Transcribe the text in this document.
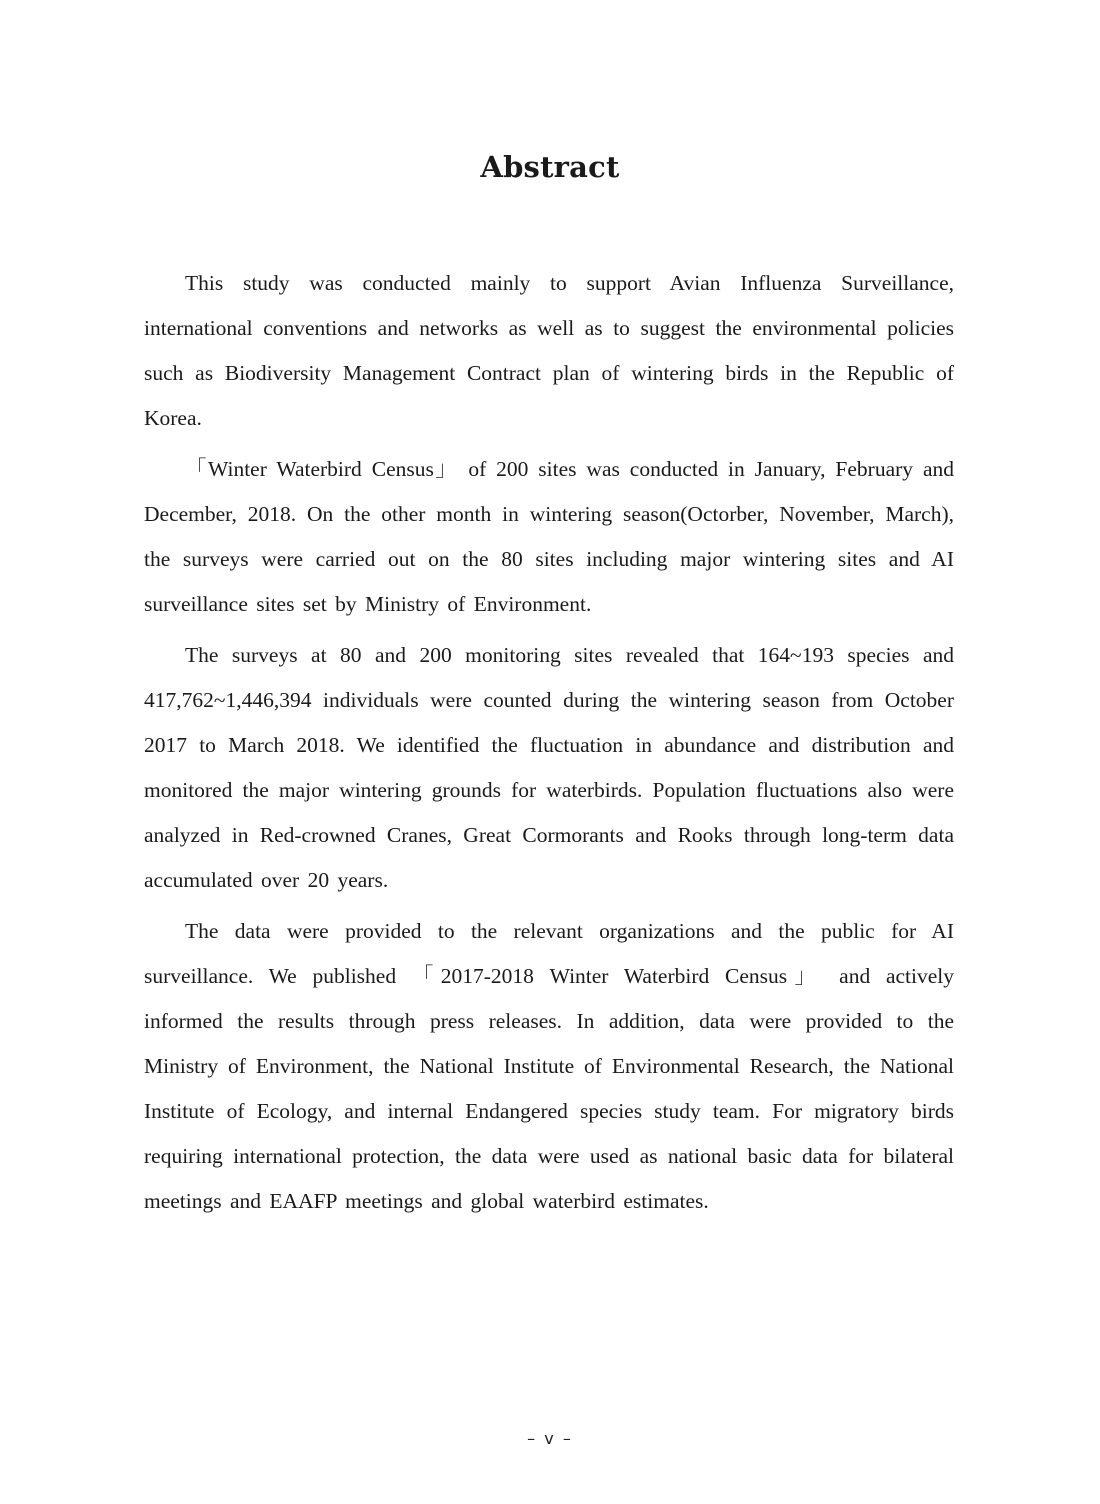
Abstract

This study was conducted mainly to support Avian Influenza Surveillance, international conventions and networks as well as to suggest the environmental policies such as Biodiversity Management Contract plan of wintering birds in the Republic of Korea.

「Winter Waterbird Census」 of 200 sites was conducted in January, February and December, 2018. On the other month in wintering season(Octorber, November, March), the surveys were carried out on the 80 sites including major wintering sites and AI surveillance sites set by Ministry of Environment.

The surveys at 80 and 200 monitoring sites revealed that 164~193 species and 417,762~1,446,394 individuals were counted during the wintering season from October 2017 to March 2018. We identified the fluctuation in abundance and distribution and monitored the major wintering grounds for waterbirds. Population fluctuations also were analyzed in Red-crowned Cranes, Great Cormorants and Rooks through long-term data accumulated over 20 years.

The data were provided to the relevant organizations and the public for AI surveillance. We published 「2017-2018 Winter Waterbird Census」 and actively informed the results through press releases. In addition, data were provided to the Ministry of Environment, the National Institute of Environmental Research, the National Institute of Ecology, and internal Endangered species study team. For migratory birds requiring international protection, the data were used as national basic data for bilateral meetings and EAAFP meetings and global waterbird estimates.

– v –
